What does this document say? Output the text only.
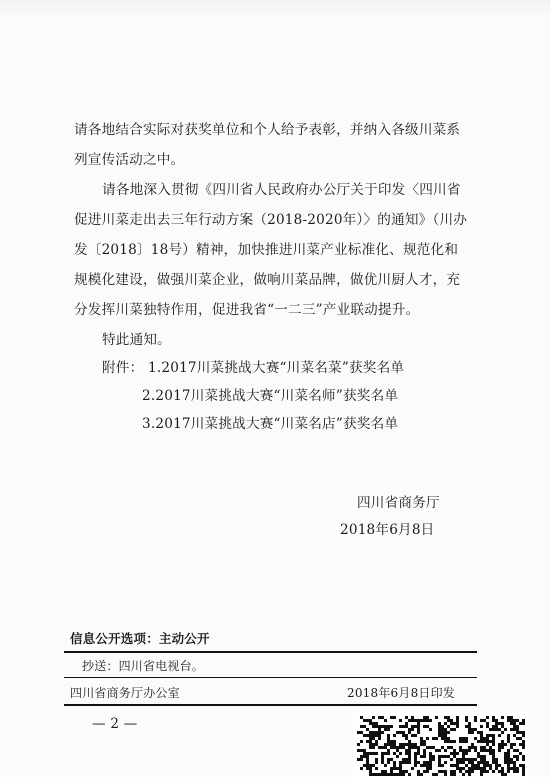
请各地结合实际对获奖单位和个人给予表彰，并纳入各级川菜系
列宣传活动之中。
请各地深入贯彻《四川省人民政府办公厅关于印发〈四川省
促进川菜走出去三年行动方案（2018-2020年）〉的通知》（川办
发〔2018〕18号）精神，加快推进川菜产业标准化、规范化和
规模化建设，做强川菜企业，做响川菜品牌，做优川厨人才，充
分发挥川菜独特作用，促进我省“一二三”产业联动提升。
特此通知。
附件： 1.2017川菜挑战大赛“川菜名菜”获奖名单
2.2017川菜挑战大赛“川菜名师”获奖名单
3.2017川菜挑战大赛“川菜名店”获奖名单
四川省商务厅
2018年6月8日
信息公开选项：主动公开
抄送：四川省电视台。
四川省商务厅办公室	2018年6月8日印发
— 2 —
